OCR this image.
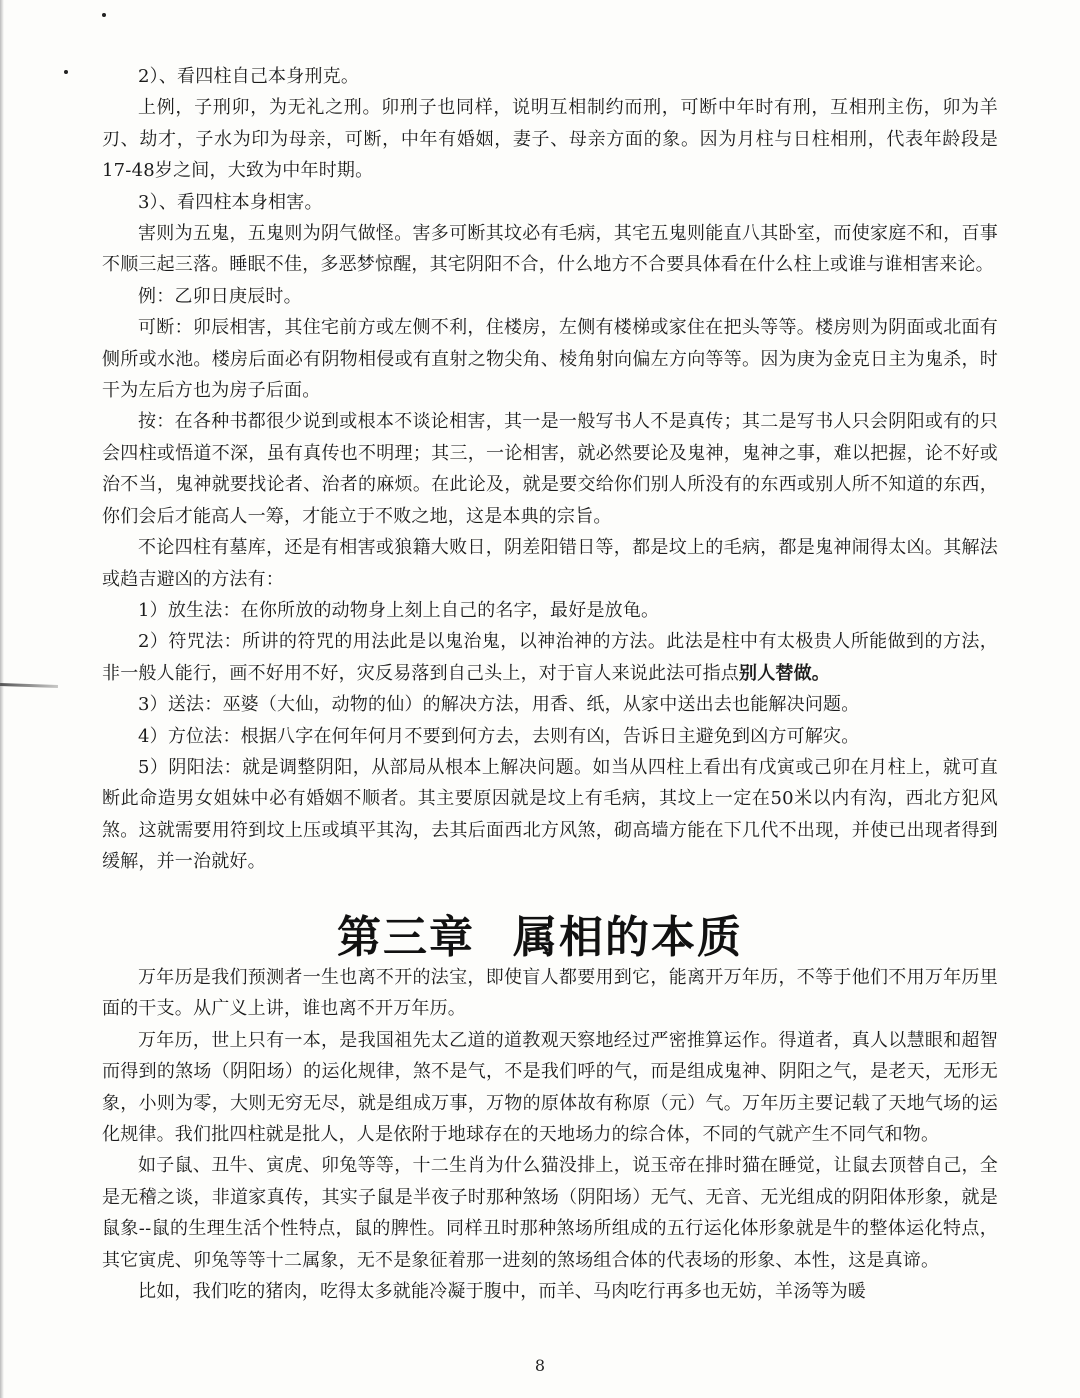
2）、看四柱自己本身刑克。

上例，子刑卯，为无礼之刑。卯刑子也同样，说明互相制约而刑，可断中年时有刑，互相刑主伤，卯为羊刃、劫才，子水为印为母亲，可断，中年有婚姻，妻子、母亲方面的象。因为月柱与日柱相刑，代表年龄段是17-48岁之间，大致为中年时期。

3）、看四柱本身相害。

害则为五鬼，五鬼则为阴气做怪。害多可断其坟必有毛病，其宅五鬼则能直八其卧室，而使家庭不和，百事不顺三起三落。睡眠不佳，多恶梦惊醒，其宅阴阳不合，什么地方不合要具体看在什么柱上或谁与谁相害来论。

例：乙卯日庚辰时。

可断：卯辰相害，其住宅前方或左侧不利，住楼房，左侧有楼梯或家住在把头等等。楼房则为阴面或北面有侧所或水池。楼房后面必有阴物相侵或有直射之物尖角、棱角射向偏左方向等等。因为庚为金克日主为鬼杀，时干为左后方也为房子后面。

按：在各种书都很少说到或根本不谈论相害，其一是一般写书人不是真传；其二是写书人只会阴阳或有的只会四柱或悟道不深，虽有真传也不明理；其三，一论相害，就必然要论及鬼神，鬼神之事，难以把握，论不好或治不当，鬼神就要找论者、治者的麻烦。在此论及，就是要交给你们别人所没有的东西或别人所不知道的东西，你们会后才能高人一筹，才能立于不败之地，这是本典的宗旨。

不论四柱有墓库，还是有相害或狼籍大败日，阴差阳错日等，都是坟上的毛病，都是鬼神闹得太凶。其解法或趋吉避凶的方法有：

1）放生法：在你所放的动物身上刻上自己的名字，最好是放龟。

2）符咒法：所讲的符咒的用法此是以鬼治鬼，以神治神的方法。此法是柱中有太极贵人所能做到的方法，非一般人能行，画不好用不好，灾反易落到自己头上，对于盲人来说此法可指点别人替做。

3）送法：巫婆（大仙，动物的仙）的解决方法，用香、纸，从家中送出去也能解决问题。

4）方位法：根据八字在何年何月不要到何方去，去则有凶，告诉日主避免到凶方可解灾。

5）阴阳法：就是调整阴阳，从部局从根本上解决问题。如当从四柱上看出有戊寅或己卯在月柱上，就可直断此命造男女姐妹中必有婚姻不顺者。其主要原因就是坟上有毛病，其坟上一定在50米以内有沟，西北方犯风煞。这就需要用符到坟上压或填平其沟，去其后面西北方风煞，砌高墙方能在下几代不出现，并使已出现者得到缓解，并一治就好。

第三章 属相的本质

万年历是我们预测者一生也离不开的法宝，即使盲人都要用到它，能离开万年历，不等于他们不用万年历里面的干支。从广义上讲，谁也离不开万年历。

万年历，世上只有一本，是我国祖先太乙道的道教观天察地经过严密推算运作。得道者，真人以慧眼和超智而得到的煞场（阴阳场）的运化规律，煞不是气，不是我们呼的气，而是组成鬼神、阴阳之气，是老天，无形无象，小则为零，大则无穷无尽，就是组成万事，万物的原体故有称原（元）气。万年历主要记载了天地气场的运化规律。我们批四柱就是批人，人是依附于地球存在的天地场力的综合体，不同的气就产生不同气和物。

如子鼠、丑牛、寅虎、卯兔等等，十二生肖为什么猫没排上，说玉帝在排时猫在睡觉，让鼠去顶替自己，全是无稽之谈，非道家真传，其实子鼠是半夜子时那种煞场（阴阳场）无气、无音、无光组成的阴阳体形象，就是鼠象--鼠的生理生活个性特点，鼠的脾性。同样丑时那种煞场所组成的五行运化体形象就是牛的整体运化特点，其它寅虎、卯兔等等十二属象，无不是象征着那一进刻的煞场组合体的代表场的形象、本性，这是真谛。

比如，我们吃的猪肉，吃得太多就能冷凝于腹中，而羊、马肉吃行再多也无妨，羊汤等为暖

8
